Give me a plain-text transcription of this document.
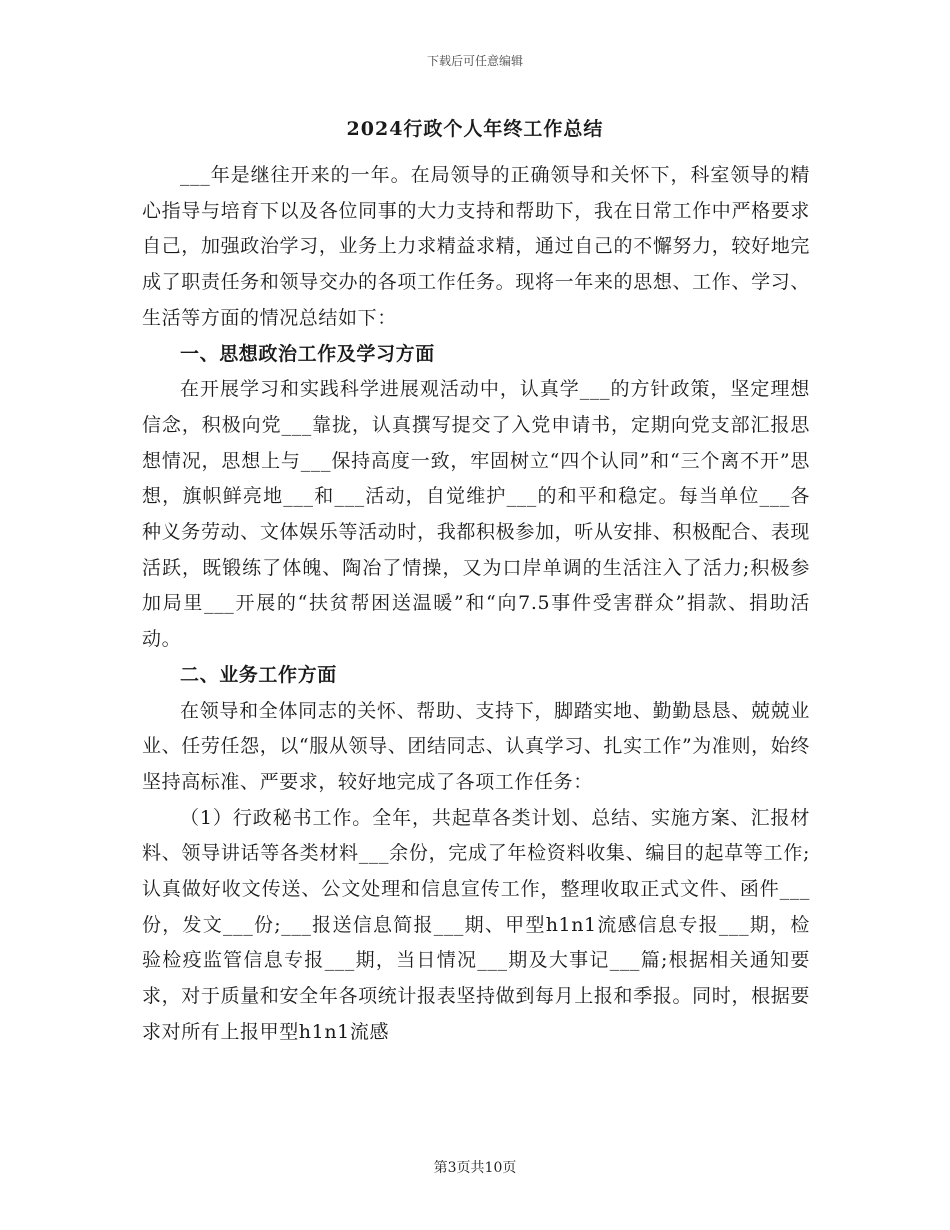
下载后可任意编辑
2024行政个人年终工作总结

___年是继往开来的一年。在局领导的正确领导和关怀下，科室领导的精心指导与培育下以及各位同事的大力支持和帮助下，我在日常工作中严格要求自己，加强政治学习，业务上力求精益求精，通过自己的不懈努力，较好地完成了职责任务和领导交办的各项工作任务。现将一年来的思想、工作、学习、生活等方面的情况总结如下：

一、思想政治工作及学习方面

在开展学习和实践科学进展观活动中，认真学___的方针政策，坚定理想信念，积极向党___靠拢，认真撰写提交了入党申请书，定期向党支部汇报思想情况，思想上与___保持高度一致，牢固树立“四个认同”和“三个离不开”思想，旗帜鲜亮地___和___活动，自觉维护___的和平和稳定。每当单位___各种义务劳动、文体娱乐等活动时，我都积极参加，听从安排、积极配合、表现活跃，既锻练了体魄、陶冶了情操，又为口岸单调的生活注入了活力;积极参加局里___开展的“扶贫帮困送温暖”和“向7.5事件受害群众”捐款、捐助活动。

二、业务工作方面

在领导和全体同志的关怀、帮助、支持下，脚踏实地、勤勤恳恳、兢兢业业、任劳任怨，以“服从领导、团结同志、认真学习、扎实工作”为准则，始终坚持高标准、严要求，较好地完成了各项工作任务：

（1）行政秘书工作。全年，共起草各类计划、总结、实施方案、汇报材料、领导讲话等各类材料___余份，完成了年检资料收集、编目的起草等工作;认真做好收文传送、公文处理和信息宣传工作，整理收取正式文件、函件___份，发文___份;___报送信息简报___期、甲型h1n1流感信息专报___期，检验检疫监管信息专报___期，当日情况___期及大事记___篇;根据相关通知要求，对于质量和安全年各项统计报表坚持做到每月上报和季报。同时，根据要求对所有上报甲型h1n1流感

第3页共10页
